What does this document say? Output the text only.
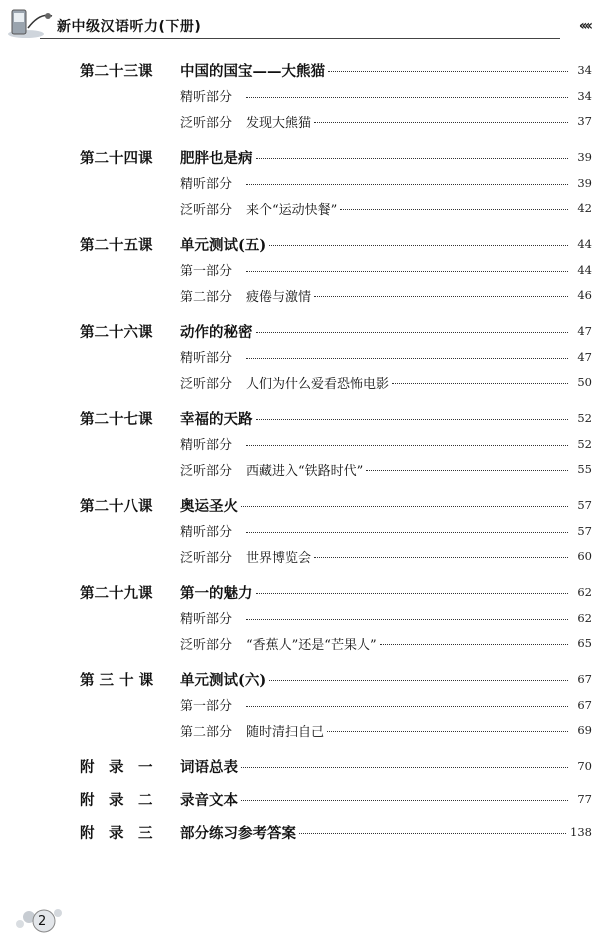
新中级汉语听力(下册)	‹‹‹‹
第二十三课 中国的国宝——大熊猫	34
精听部分	34
泛听部分	发现大熊猫	37
第二十四课 肥胖也是病	39
精听部分	39
泛听部分	来个“运动快餐”	42
第二十五课 单元测试(五)	44
第一部分	44
第二部分	疲倦与激情	46
第二十六课 动作的秘密	47
精听部分	47
泛听部分	人们为什么爱看恐怖电影	50
第二十七课 幸福的天路	52
精听部分	52
泛听部分	西藏进入“铁路时代”	55
第二十八课 奥运圣火	57
精听部分	57
泛听部分	世界博览会	60
第二十九课 第一的魅力	62
精听部分	62
泛听部分	“香蕉人”还是“芒果人”	65
第 三 十 课 单元测试(六)	67
第一部分	67
第二部分	随时清扫自己	69
附　录　一 词语总表	70
附　录　二 录音文本	77
附　录　三 部分练习参考答案	138
2
